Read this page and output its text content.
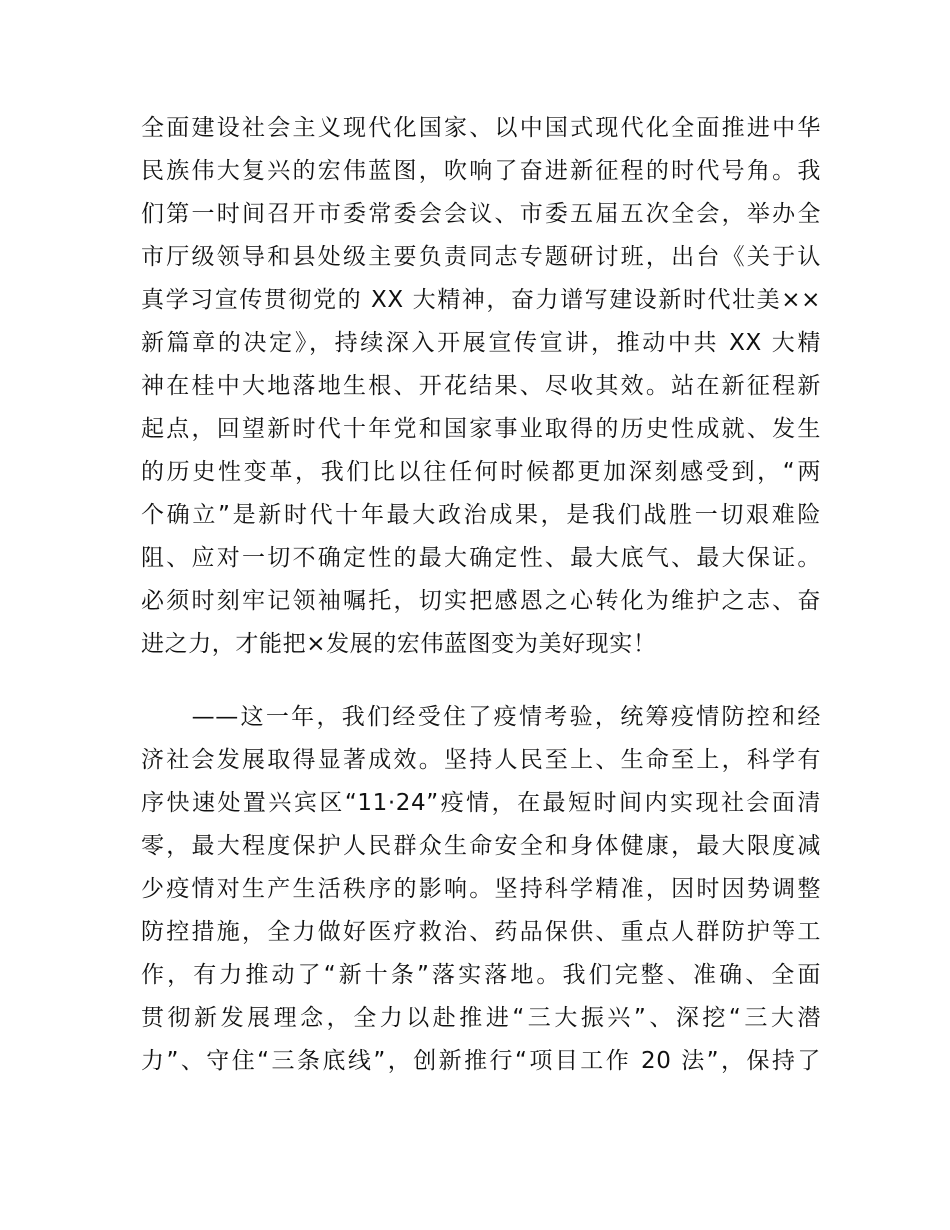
全面建设社会主义现代化国家、以中国式现代化全面推进中华
民族伟大复兴的宏伟蓝图，吹响了奋进新征程的时代号角。我
们第一时间召开市委常委会会议、市委五届五次全会，举办全
市厅级领导和县处级主要负责同志专题研讨班，出台《关于认
真学习宣传贯彻党的 XX 大精神，奋力谱写建设新时代壮美××
新篇章的决定》，持续深入开展宣传宣讲，推动中共 XX 大精
神在桂中大地落地生根、开花结果、尽收其效。站在新征程新
起点，回望新时代十年党和国家事业取得的历史性成就、发生
的历史性变革，我们比以往任何时候都更加深刻感受到，“两
个确立”是新时代十年最大政治成果，是我们战胜一切艰难险
阻、应对一切不确定性的最大确定性、最大底气、最大保证。
必须时刻牢记领袖嘱托，切实把感恩之心转化为维护之志、奋
进之力，才能把×发展的宏伟蓝图变为美好现实！
　　——这一年，我们经受住了疫情考验，统筹疫情防控和经
济社会发展取得显著成效。坚持人民至上、生命至上，科学有
序快速处置兴宾区“11·24”疫情，在最短时间内实现社会面清
零，最大程度保护人民群众生命安全和身体健康，最大限度减
少疫情对生产生活秩序的影响。坚持科学精准，因时因势调整
防控措施，全力做好医疗救治、药品保供、重点人群防护等工
作，有力推动了“新十条”落实落地。我们完整、准确、全面
贯彻新发展理念，全力以赴推进“三大振兴”、深挖“三大潜
力”、守住“三条底线”，创新推行“项目工作 20 法”，保持了
